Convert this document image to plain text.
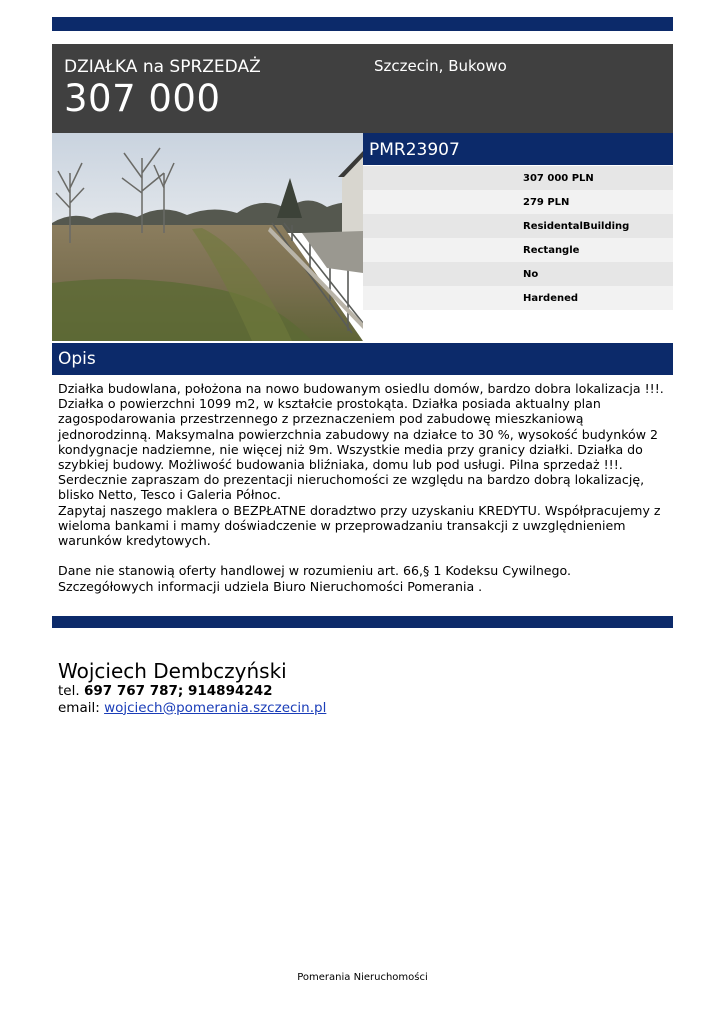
DZIAŁKA na SPRZEDAŻ
307 000
Szczecin, Bukowo
PMR23907
307 000 PLN
279 PLN
ResidentalBuilding
Rectangle
No
Hardened
Opis

Działka budowlana, położona na nowo budowanym osiedlu domów, bardzo dobra lokalizacja !!!. Działka o powierzchni 1099 m2, w kształcie prostokąta. Działka posiada aktualny plan zagospodarowania przestrzennego z przeznaczeniem pod zabudowę mieszkaniową jednorodzinną. Maksymalna powierzchnia zabudowy na działce to 30 %, wysokość budynków 2 kondygnacje nadziemne, nie więcej niż 9m. Wszystkie media przy granicy działki. Działka do szybkiej budowy. Możliwość budowania bliźniaka, domu lub pod usługi. Pilna sprzedaż !!!. Serdecznie zapraszam do prezentacji nieruchomości ze względu na bardzo dobrą lokalizację, blisko Netto, Tesco i Galeria Północ.

Zapytaj naszego maklera o BEZPŁATNE doradztwo przy uzyskaniu KREDYTU. Współpracujemy z wieloma bankami i mamy doświadczenie w przeprowadzaniu transakcji z uwzględnieniem warunków kredytowych.

Dane nie stanowią oferty handlowej w rozumieniu art. 66,§ 1 Kodeksu Cywilnego. Szczegółowych informacji udziela Biuro Nieruchomości Pomerania .

Wojciech Dembczyński
tel. 697 767 787; 914894242
email: wojciech@pomerania.szczecin.pl
Pomerania Nieruchomości
